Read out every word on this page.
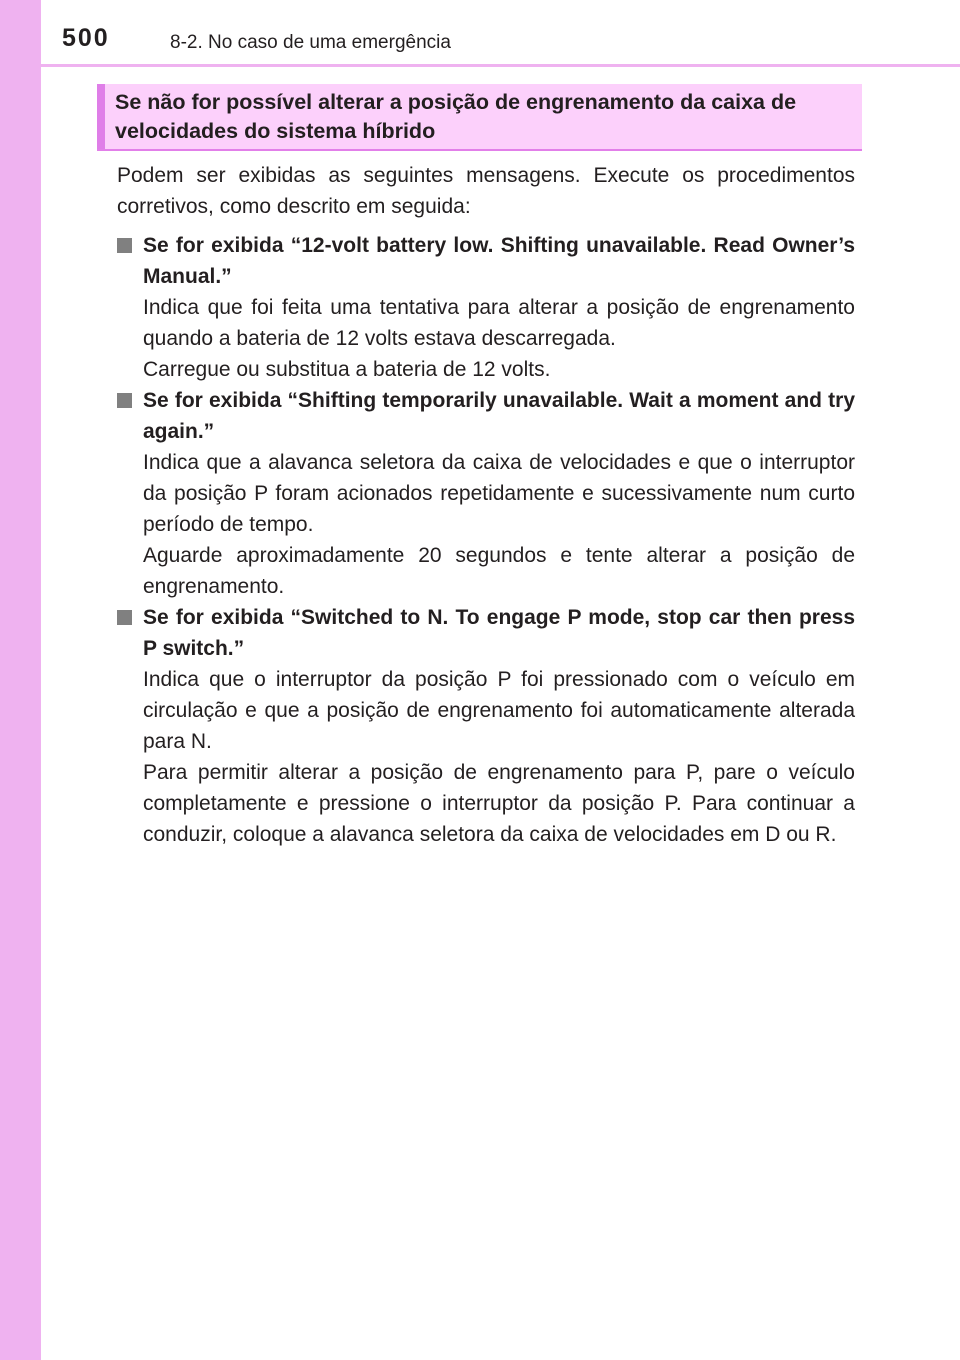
500	8-2. No caso de uma emergência
Se não for possível alterar a posição de engrenamento da caixa de velocidades do sistema híbrido

Podem ser exibidas as seguintes mensagens. Execute os procedimentos corretivos, como descrito em seguida:

Se for exibida “12-volt battery low. Shifting unavailable. Read Owner’s Manual.”

Indica que foi feita uma tentativa para alterar a posição de engrenamento quando a bateria de 12 volts estava descarregada.

Carregue ou substitua a bateria de 12 volts.

Se for exibida “Shifting temporarily unavailable. Wait a moment and try again.”

Indica que a alavanca seletora da caixa de velocidades e que o interruptor da posição P foram acionados repetidamente e sucessivamente num curto período de tempo.

Aguarde aproximadamente 20 segundos e tente alterar a posição de engrenamento.

Se for exibida “Switched to N. To engage P mode, stop car then press P switch.”

Indica que o interruptor da posição P foi pressionado com o veículo em circulação e que a posição de engrenamento foi automaticamente alterada para N.

Para permitir alterar a posição de engrenamento para P, pare o veículo completamente e pressione o interruptor da posição P. Para continuar a conduzir, coloque a alavanca seletora da caixa de velocidades em D ou R.
